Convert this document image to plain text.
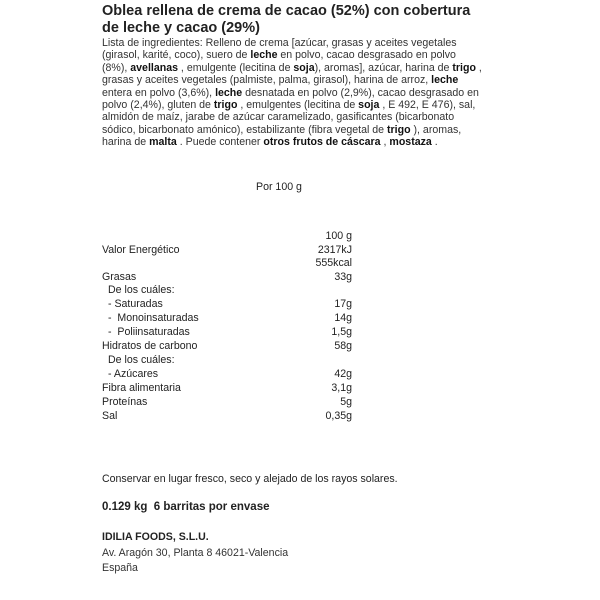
Oblea rellena de crema de cacao (52%) con cobertura de leche y cacao (29%)
Lista de ingredientes: Relleno de crema [azúcar, grasas y aceites vegetales (girasol, karité, coco), suero de leche en polvo, cacao desgrasado en polvo (8%), avellanas , emulgente (lecitina de soja), aromas], azúcar, harina de trigo , grasas y aceites vegetales (palmiste, palma, girasol), harina de arroz, leche entera en polvo (3,6%), leche desnatada en polvo (2,9%), cacao desgrasado en polvo (2,4%), gluten de trigo , emulgentes (lecitina de soja , E 492, E 476), sal, almidón de maíz, jarabe de azúcar caramelizado, gasificantes (bicarbonato sódico, bicarbonato amónico), estabilizante (fibra vegetal de trigo ), aromas, harina de malta . Puede contener otros frutos de cáscara , mostaza .
Por 100 g
100 g
Valor Energético	2317kJ
555kcal
Grasas	33g
De los cuáles:
- Saturadas	17g
-  Monoinsaturadas	14g
-  Poliinsaturadas	1,5g
Hidratos de carbono	58g
De los cuáles:
- Azúcares	42g
Fibra alimentaria	3,1g
Proteínas	5g
Sal	0,35g
Conservar en lugar fresco, seco y alejado de los rayos solares.
0.129 kg  6 barritas por envase
IDILIA FOODS, S.L.U.
Av. Aragón 30, Planta 8 46021-Valencia
España
